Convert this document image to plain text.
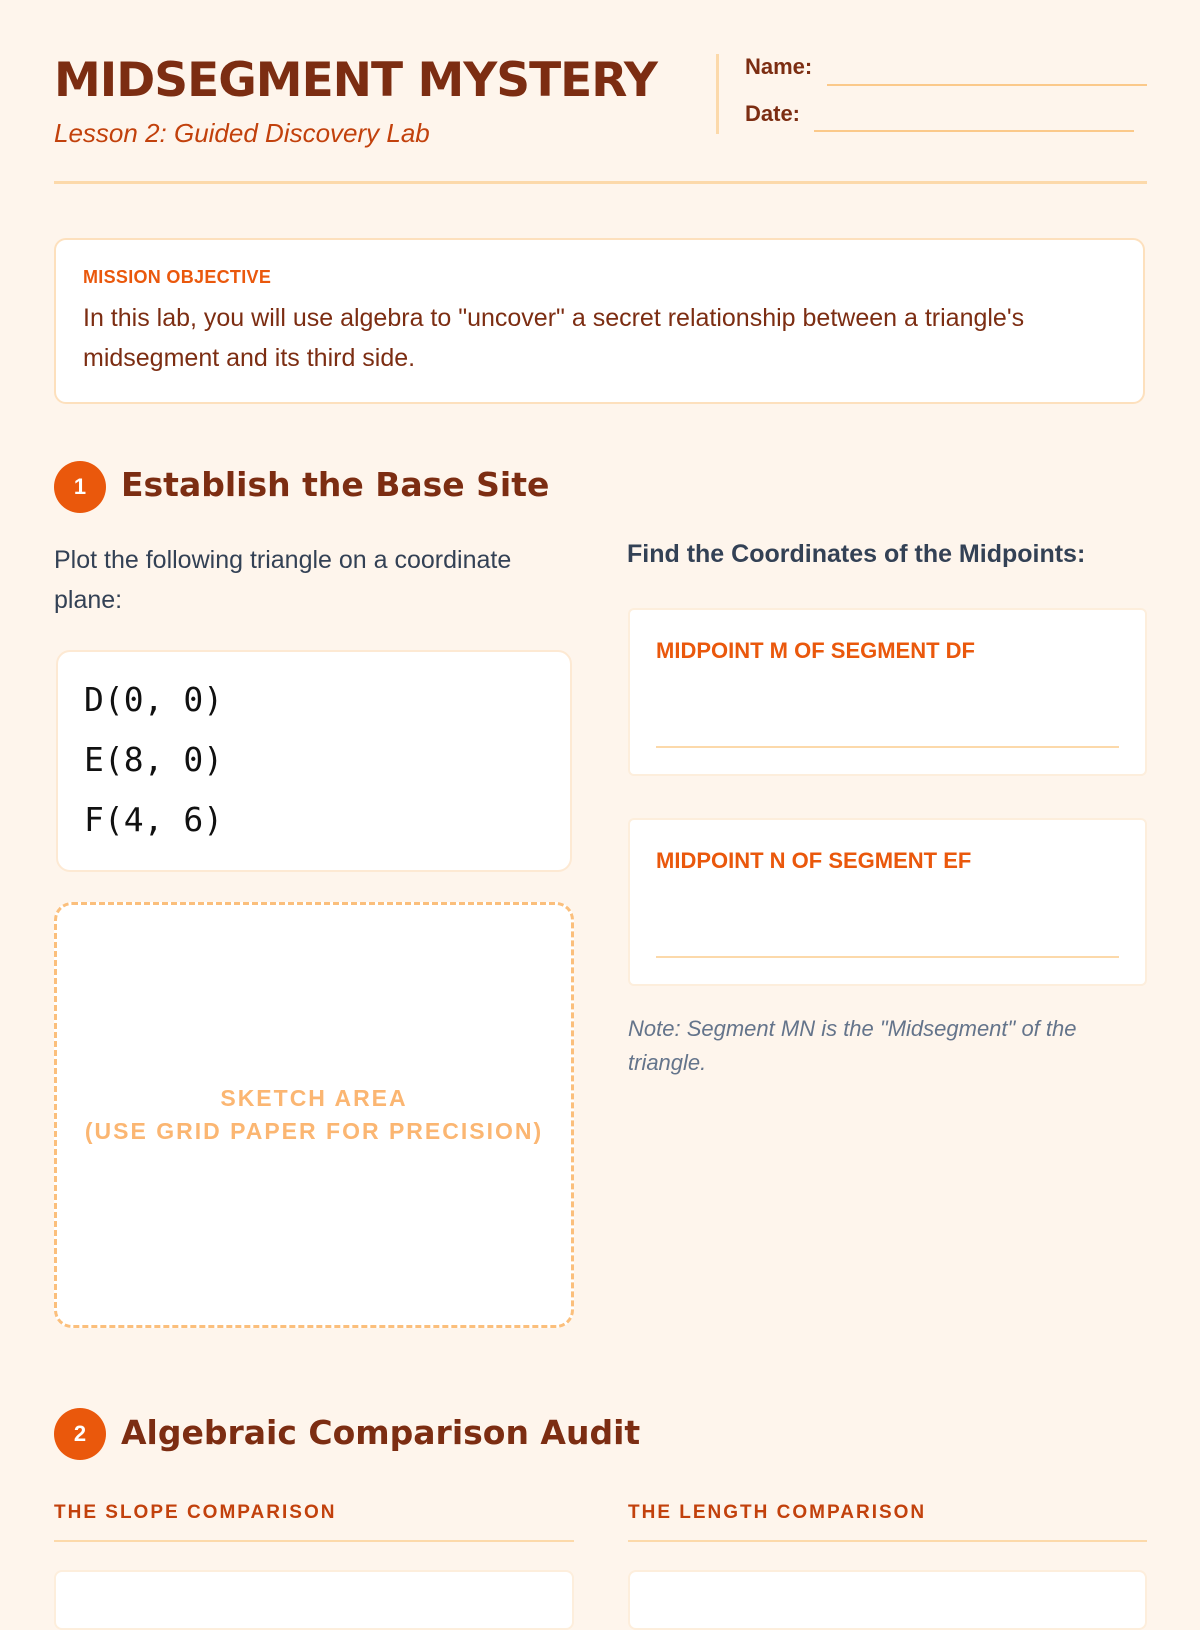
MIDSEGMENT MYSTERY
Lesson 2: Guided Discovery Lab
Name:
Date:
MISSION OBJECTIVE
In this lab, you will use algebra to "uncover" a secret relationship between a triangle's midsegment and its third side.
1	Establish the Base Site
Plot the following triangle on a coordinate plane:
D(0, 0)
E(8, 0)
F(4, 6)
SKETCH AREA
(USE GRID PAPER FOR PRECISION)
Find the Coordinates of the Midpoints:
MIDPOINT M OF SEGMENT DF
MIDPOINT N OF SEGMENT EF
Note: Segment MN is the "Midsegment" of the triangle.
2	Algebraic Comparison Audit
THE SLOPE COMPARISON	THE LENGTH COMPARISON
